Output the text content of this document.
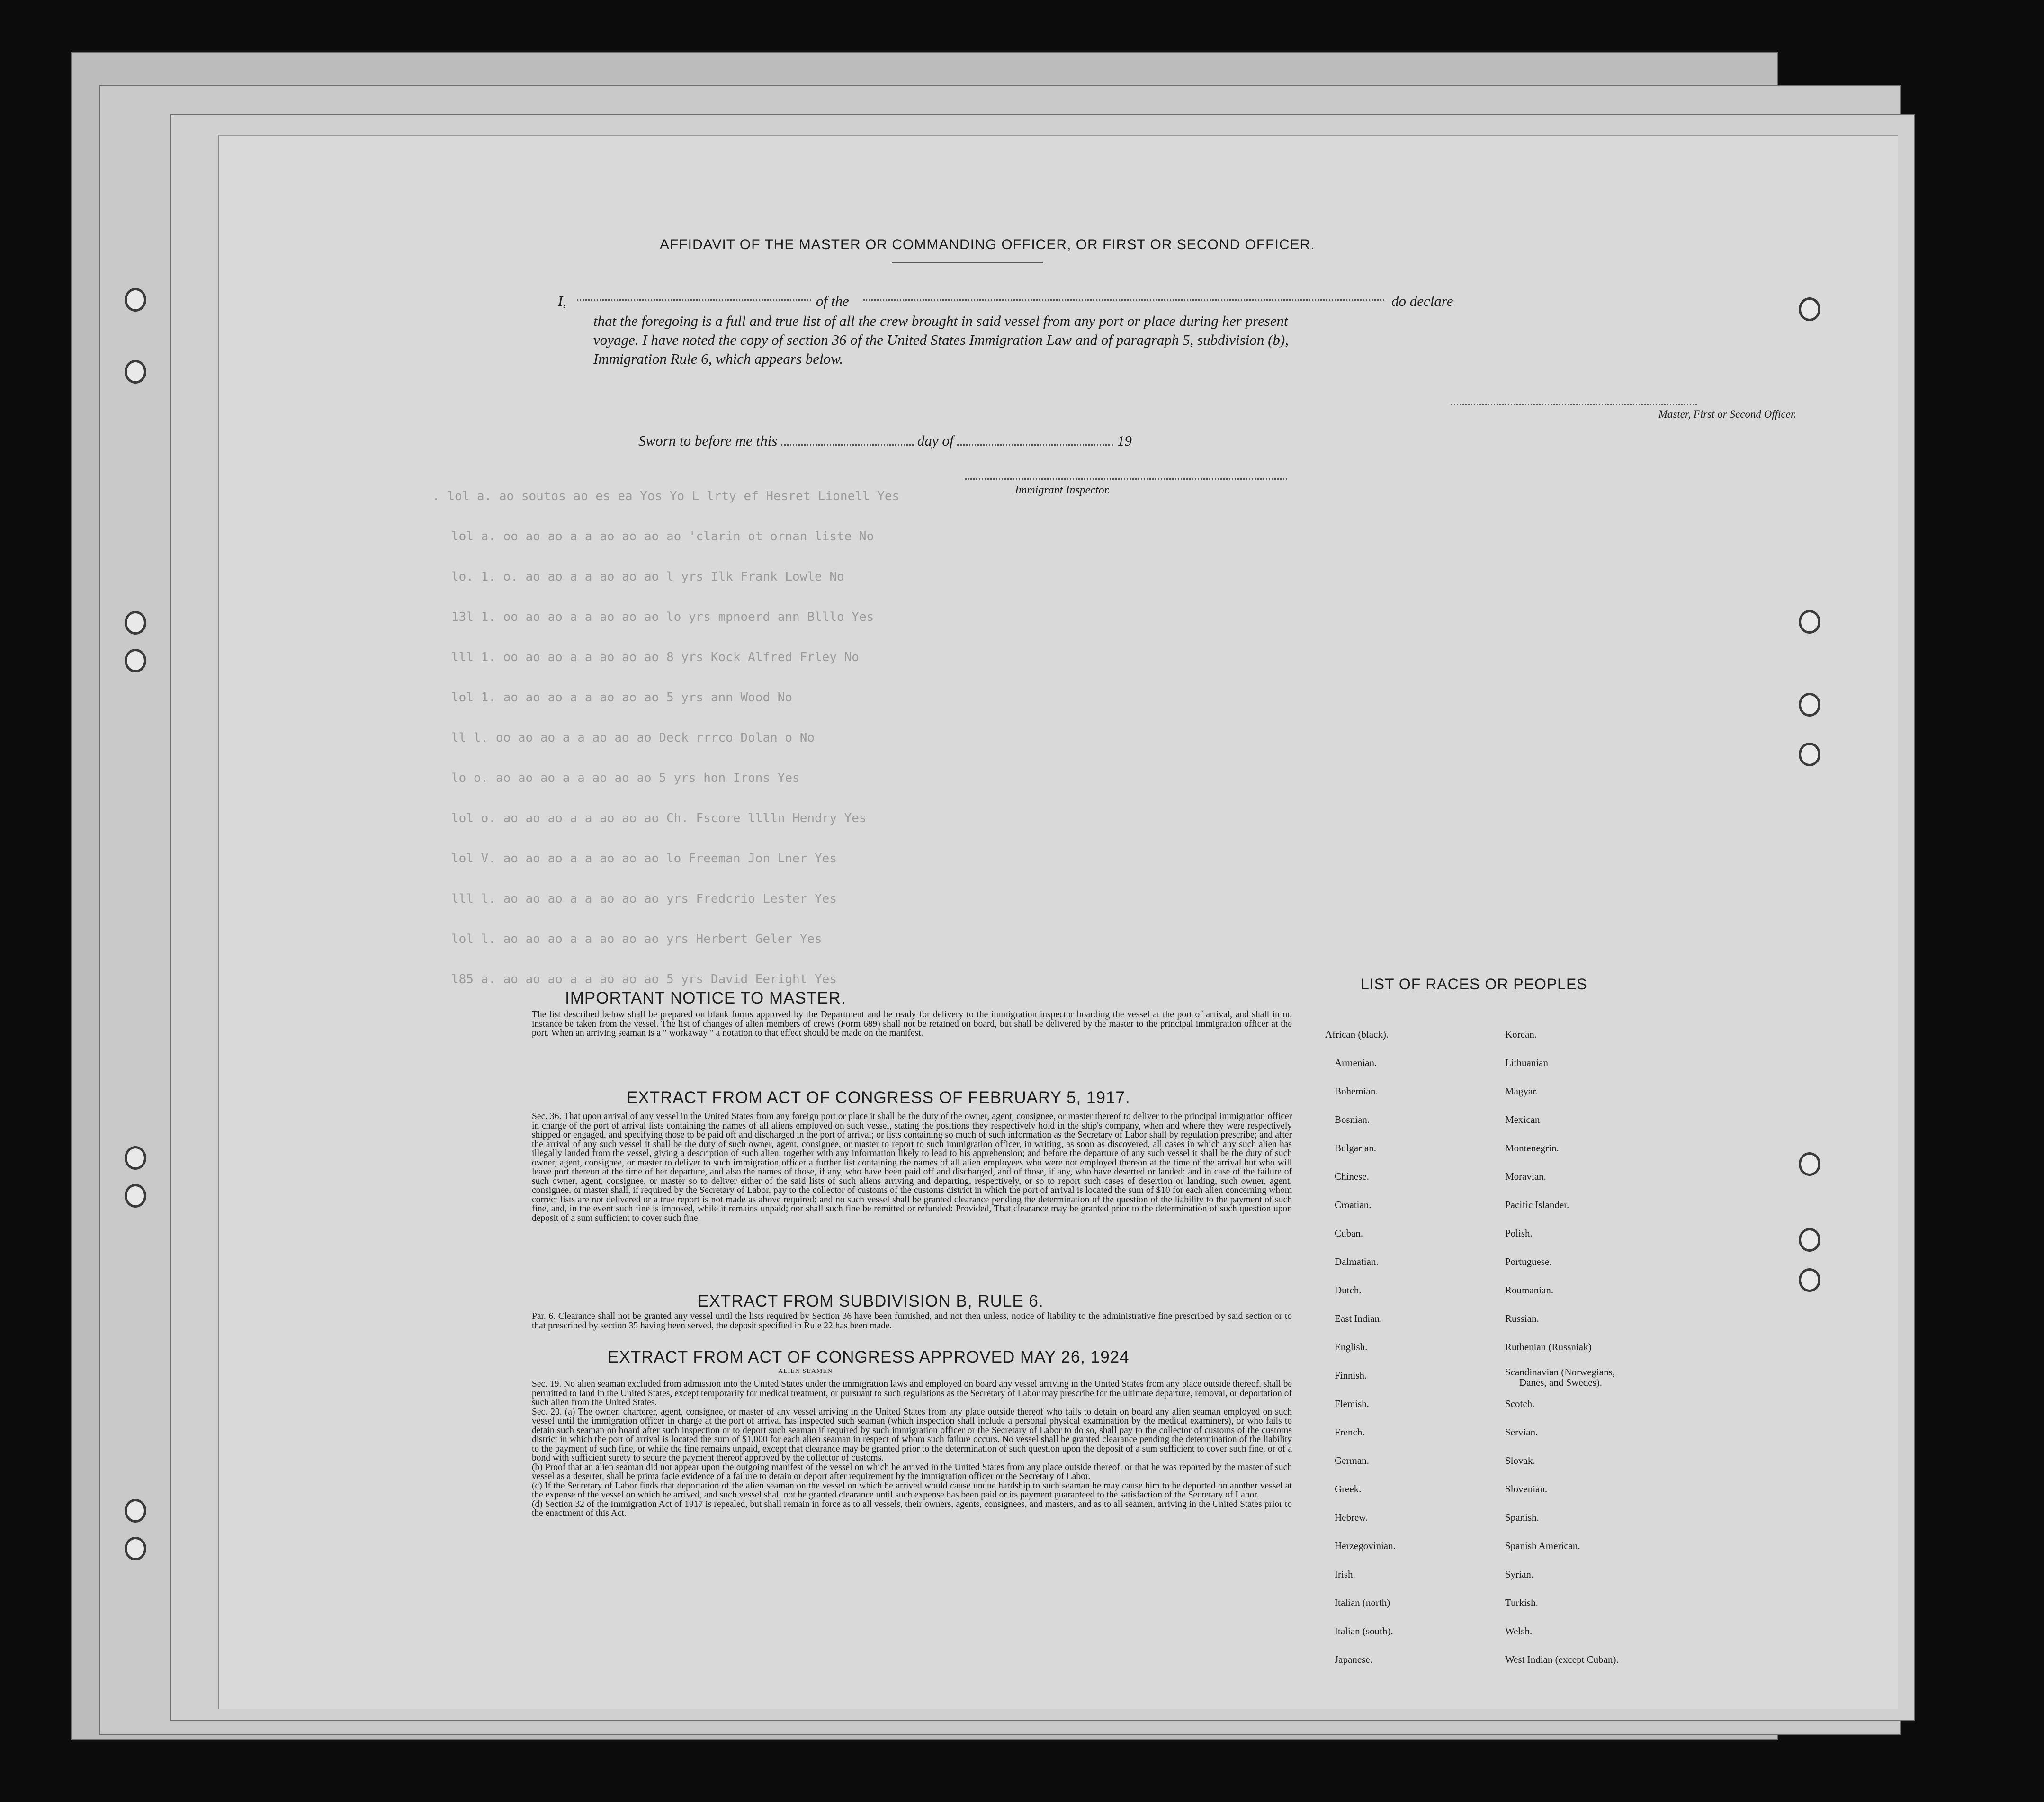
. lol a. ao soutos ao es ea Yos Yo L lrty ef Hesret Lionell Yes
lol a. oo ao ao a a ao ao ao ao 'clarin ot ornan liste No
lo. 1. o. ao ao a a ao ao ao l yrs Ilk Frank Lowle No
13l 1. oo ao ao a a ao ao ao lo yrs mpnoerd ann Blllo Yes
lll 1. oo ao ao a a ao ao ao 8 yrs Kock Alfred Frley No
lol 1. ao ao ao a a ao ao ao 5 yrs ann Wood No
ll l. oo ao ao a a ao ao ao Deck rrrco Dolan o No
lo o. ao ao ao a a ao ao ao 5 yrs hon Irons Yes
lol o. ao ao ao a a ao ao ao Ch. Fscore lllln Hendry Yes
lol V. ao ao ao a a ao ao ao lo Freeman Jon Lner Yes
lll l. ao ao ao a a ao ao ao yrs Fredcrio Lester Yes
lol l. ao ao ao a a ao ao ao yrs Herbert Geler Yes
l85 a. ao ao ao a a ao ao ao 5 yrs David Eeright Yes
AFFIDAVIT OF THE MASTER OR COMMANDING OFFICER, OR FIRST OR SECOND OFFICER.
I,	of the	do declare
that the foregoing is a full and true list of all the crew brought in said vessel from any port or place during her present
voyage. I have noted the copy of section 36 of the United States Immigration Law and of paragraph 5, subdivision (b),
Immigration Rule 6, which appears below.
Master, First or Second Officer.
Sworn to before me this	day of	19
Immigrant Inspector.
IMPORTANT NOTICE TO MASTER.
The list described below shall be prepared on blank forms approved by the Department and be ready for delivery to the immigration inspector boarding the vessel at the port of arrival, and shall in no instance be taken from the vessel. The list of changes of alien members of crews (Form 689) shall not be retained on board, but shall be delivered by the master to the principal immigration officer at the port. When an arriving seaman is a " workaway " a notation to that effect should be made on the manifest.
EXTRACT FROM ACT OF CONGRESS OF FEBRUARY 5, 1917.
Sec. 36. That upon arrival of any vessel in the United States from any foreign port or place it shall be the duty of the owner, agent, consignee, or master thereof to deliver to the principal immigration officer in charge of the port of arrival lists containing the names of all aliens employed on such vessel, stating the positions they respectively hold in the ship's company, when and where they were respectively shipped or engaged, and specifying those to be paid off and discharged in the port of arrival; or lists containing so much of such information as the Secretary of Labor shall by regulation prescribe; and after the arrival of any such vessel it shall be the duty of such owner, agent, consignee, or master to report to such immigration officer, in writing, as soon as discovered, all cases in which any such alien has illegally landed from the vessel, giving a description of such alien, together with any information likely to lead to his apprehension; and before the departure of any such vessel it shall be the duty of such owner, agent, consignee, or master to deliver to such immigration officer a further list containing the names of all alien employees who were not employed thereon at the time of the arrival but who will leave port thereon at the time of her departure, and also the names of those, if any, who have been paid off and discharged, and of those, if any, who have deserted or landed; and in case of the failure of such owner, agent, consignee, or master so to deliver either of the said lists of such aliens arriving and departing, respectively, or so to report such cases of desertion or landing, such owner, agent, consignee, or master shall, if required by the Secretary of Labor, pay to the collector of customs of the customs district in which the port of arrival is located the sum of $10 for each alien concerning whom correct lists are not delivered or a true report is not made as above required; and no such vessel shall be granted clearance pending the determination of the question of the liability to the payment of such fine, and, in the event such fine is imposed, while it remains unpaid; nor shall such fine be remitted or refunded: Provided, That clearance may be granted prior to the determination of such question upon deposit of a sum sufficient to cover such fine.
EXTRACT FROM SUBDIVISION B, RULE 6.
Par. 6. Clearance shall not be granted any vessel until the lists required by Section 36 have been furnished, and not then unless, notice of liability to the administrative fine prescribed by said section or to that prescribed by section 35 having been served, the deposit specified in Rule 22 has been made.
EXTRACT FROM ACT OF CONGRESS APPROVED MAY 26, 1924
ALIEN SEAMEN
Sec. 19. No alien seaman excluded from admission into the United States under the immigration laws and employed on board any vessel arriving in the United States from any place outside thereof, shall be permitted to land in the United States, except temporarily for medical treatment, or pursuant to such regulations as the Secretary of Labor may prescribe for the ultimate departure, removal, or deportation of such alien from the United States.
Sec. 20. (a) The owner, charterer, agent, consignee, or master of any vessel arriving in the United States from any place outside thereof who fails to detain on board any alien seaman employed on such vessel until the immigration officer in charge at the port of arrival has inspected such seaman (which inspection shall include a personal physical examination by the medical examiners), or who fails to detain such seaman on board after such inspection or to deport such seaman if required by such immigration officer or the Secretary of Labor to do so, shall pay to the collector of customs of the customs district in which the port of arrival is located the sum of $1,000 for each alien seaman in respect of whom such failure occurs. No vessel shall be granted clearance pending the determination of the liability to the payment of such fine, or while the fine remains unpaid, except that clearance may be granted prior to the determination of such question upon the deposit of a sum sufficient to cover such fine, or of a bond with sufficient surety to secure the payment thereof approved by the collector of customs.
(b) Proof that an alien seaman did not appear upon the outgoing manifest of the vessel on which he arrived in the United States from any place outside thereof, or that he was reported by the master of such vessel as a deserter, shall be prima facie evidence of a failure to detain or deport after requirement by the immigration officer or the Secretary of Labor.
(c) If the Secretary of Labor finds that deportation of the alien seaman on the vessel on which he arrived would cause undue hardship to such seaman he may cause him to be deported on another vessel at the expense of the vessel on which he arrived, and such vessel shall not be granted clearance until such expense has been paid or its payment guaranteed to the satisfaction of the Secretary of Labor.
(d) Section 32 of the Immigration Act of 1917 is repealed, but shall remain in force as to all vessels, their owners, agents, consignees, and masters, and as to all seamen, arriving in the United States prior to the enactment of this Act.
LIST OF RACES OR PEOPLES
African (black).
Armenian.
Bohemian.
Bosnian.
Bulgarian.
Chinese.
Croatian.
Cuban.
Dalmatian.
Dutch.
East Indian.
English.
Finnish.
Flemish.
French.
German.
Greek.
Hebrew.
Herzegovinian.
Irish.
Italian (north)
Italian (south).
Japanese.
Korean.
Lithuanian
Magyar.
Mexican
Montenegrin.
Moravian.
Pacific Islander.
Polish.
Portuguese.
Roumanian.
Russian.
Ruthenian (Russniak)
Scandinavian (Norwegians,
Danes, and Swedes).
Scotch.
Servian.
Slovak.
Slovenian.
Spanish.
Spanish American.
Syrian.
Turkish.
Welsh.
West Indian (except Cuban).
